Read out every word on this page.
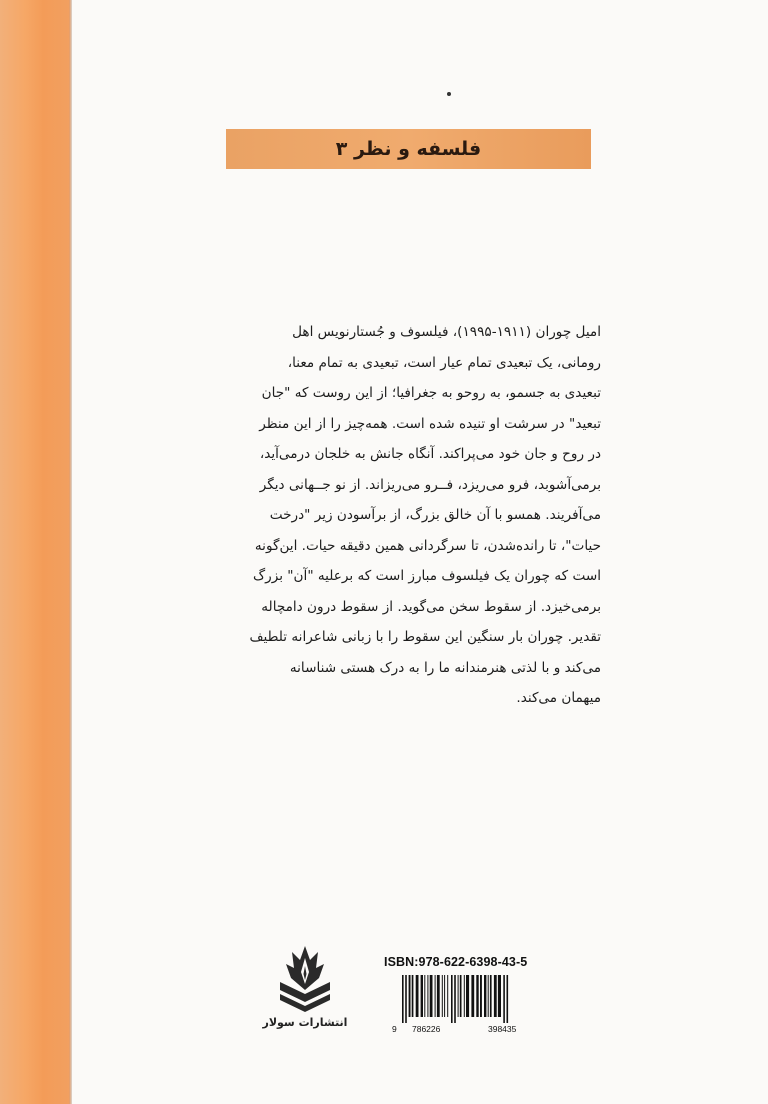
فلسفه و نظر ۳
امیل چوران (۱۹۱۱-۱۹۹۵)، فیلسوف و جُستارنویس اهل
رومانی، یک تبعیدی تمام عیار است، تبعیدی به تمام معنا،
تبعیدی به جسمو، به روحو به جغرافیا؛ از این روست که "جان
تبعید" در سرشت او تنیده شده است. همه‌چیز را از این منظر
در روح و جان خود می‌پراکند. آنگاه جانش به خلجان درمی‌آید،
برمی‌آشوبد، فرو می‌ریزد، فــرو می‌ریزاند. از نو جــهانی دیگر
می‌آفریند. همسو با آن خالق بزرگ، از برآسودن زیر "درخت
حیات"، تا رانده‌شدن، تا سرگردانی همین دقیقه حیات. این‌گونه
است که چوران یک فیلسوف مبارز است که برعلیه "آن" بزرگ
برمی‌خیزد. از سقوط سخن می‌گوید. از سقوط درون دامچاله
تقدیر. چوران بار سنگین این سقوط را با زبانی شاعرانه تلطیف
می‌کند و با لذتی هنرمندانه ما را به درک هستی شناسانه
میهمان می‌کند.
انتشارات سولار
ISBN:978-622-6398-43-5
9 786226	398435
